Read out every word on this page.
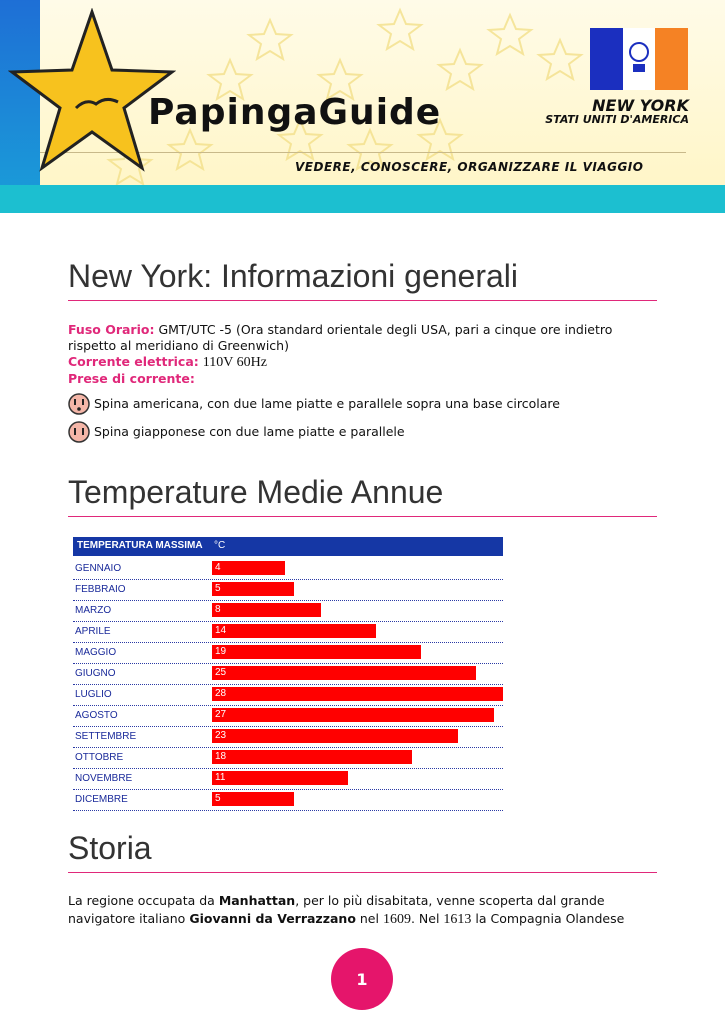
PapingaGuide	NEW YORK
STATI UNITI D'AMERICA
VEDERE, CONOSCERE, ORGANIZZARE IL VIAGGIO
New York: Informazioni generali
Fuso Orario: GMT/UTC -5 (Ora standard orientale degli USA, pari a cinque ore indietro rispetto al meridiano di Greenwich)
Corrente elettrica: 110V 60Hz
Prese di corrente:
Spina americana, con due lame piatte e parallele sopra una base circolare
Spina giapponese con due lame piatte e parallele
Temperature Medie Annue
TEMPERATURA MASSIMA °C
GENNAIO	4
FEBBRAIO	5
MARZO	8
APRILE	14
MAGGIO	19
GIUGNO	25
LUGLIO	28
AGOSTO	27
SETTEMBRE	23
OTTOBRE	18
NOVEMBRE	11
DICEMBRE	5
Storia
La regione occupata da Manhattan, per lo più disabitata, venne scoperta dal grande navigatore italiano Giovanni da Verrazzano nel 1609. Nel 1613 la Compagnia Olandese
1
